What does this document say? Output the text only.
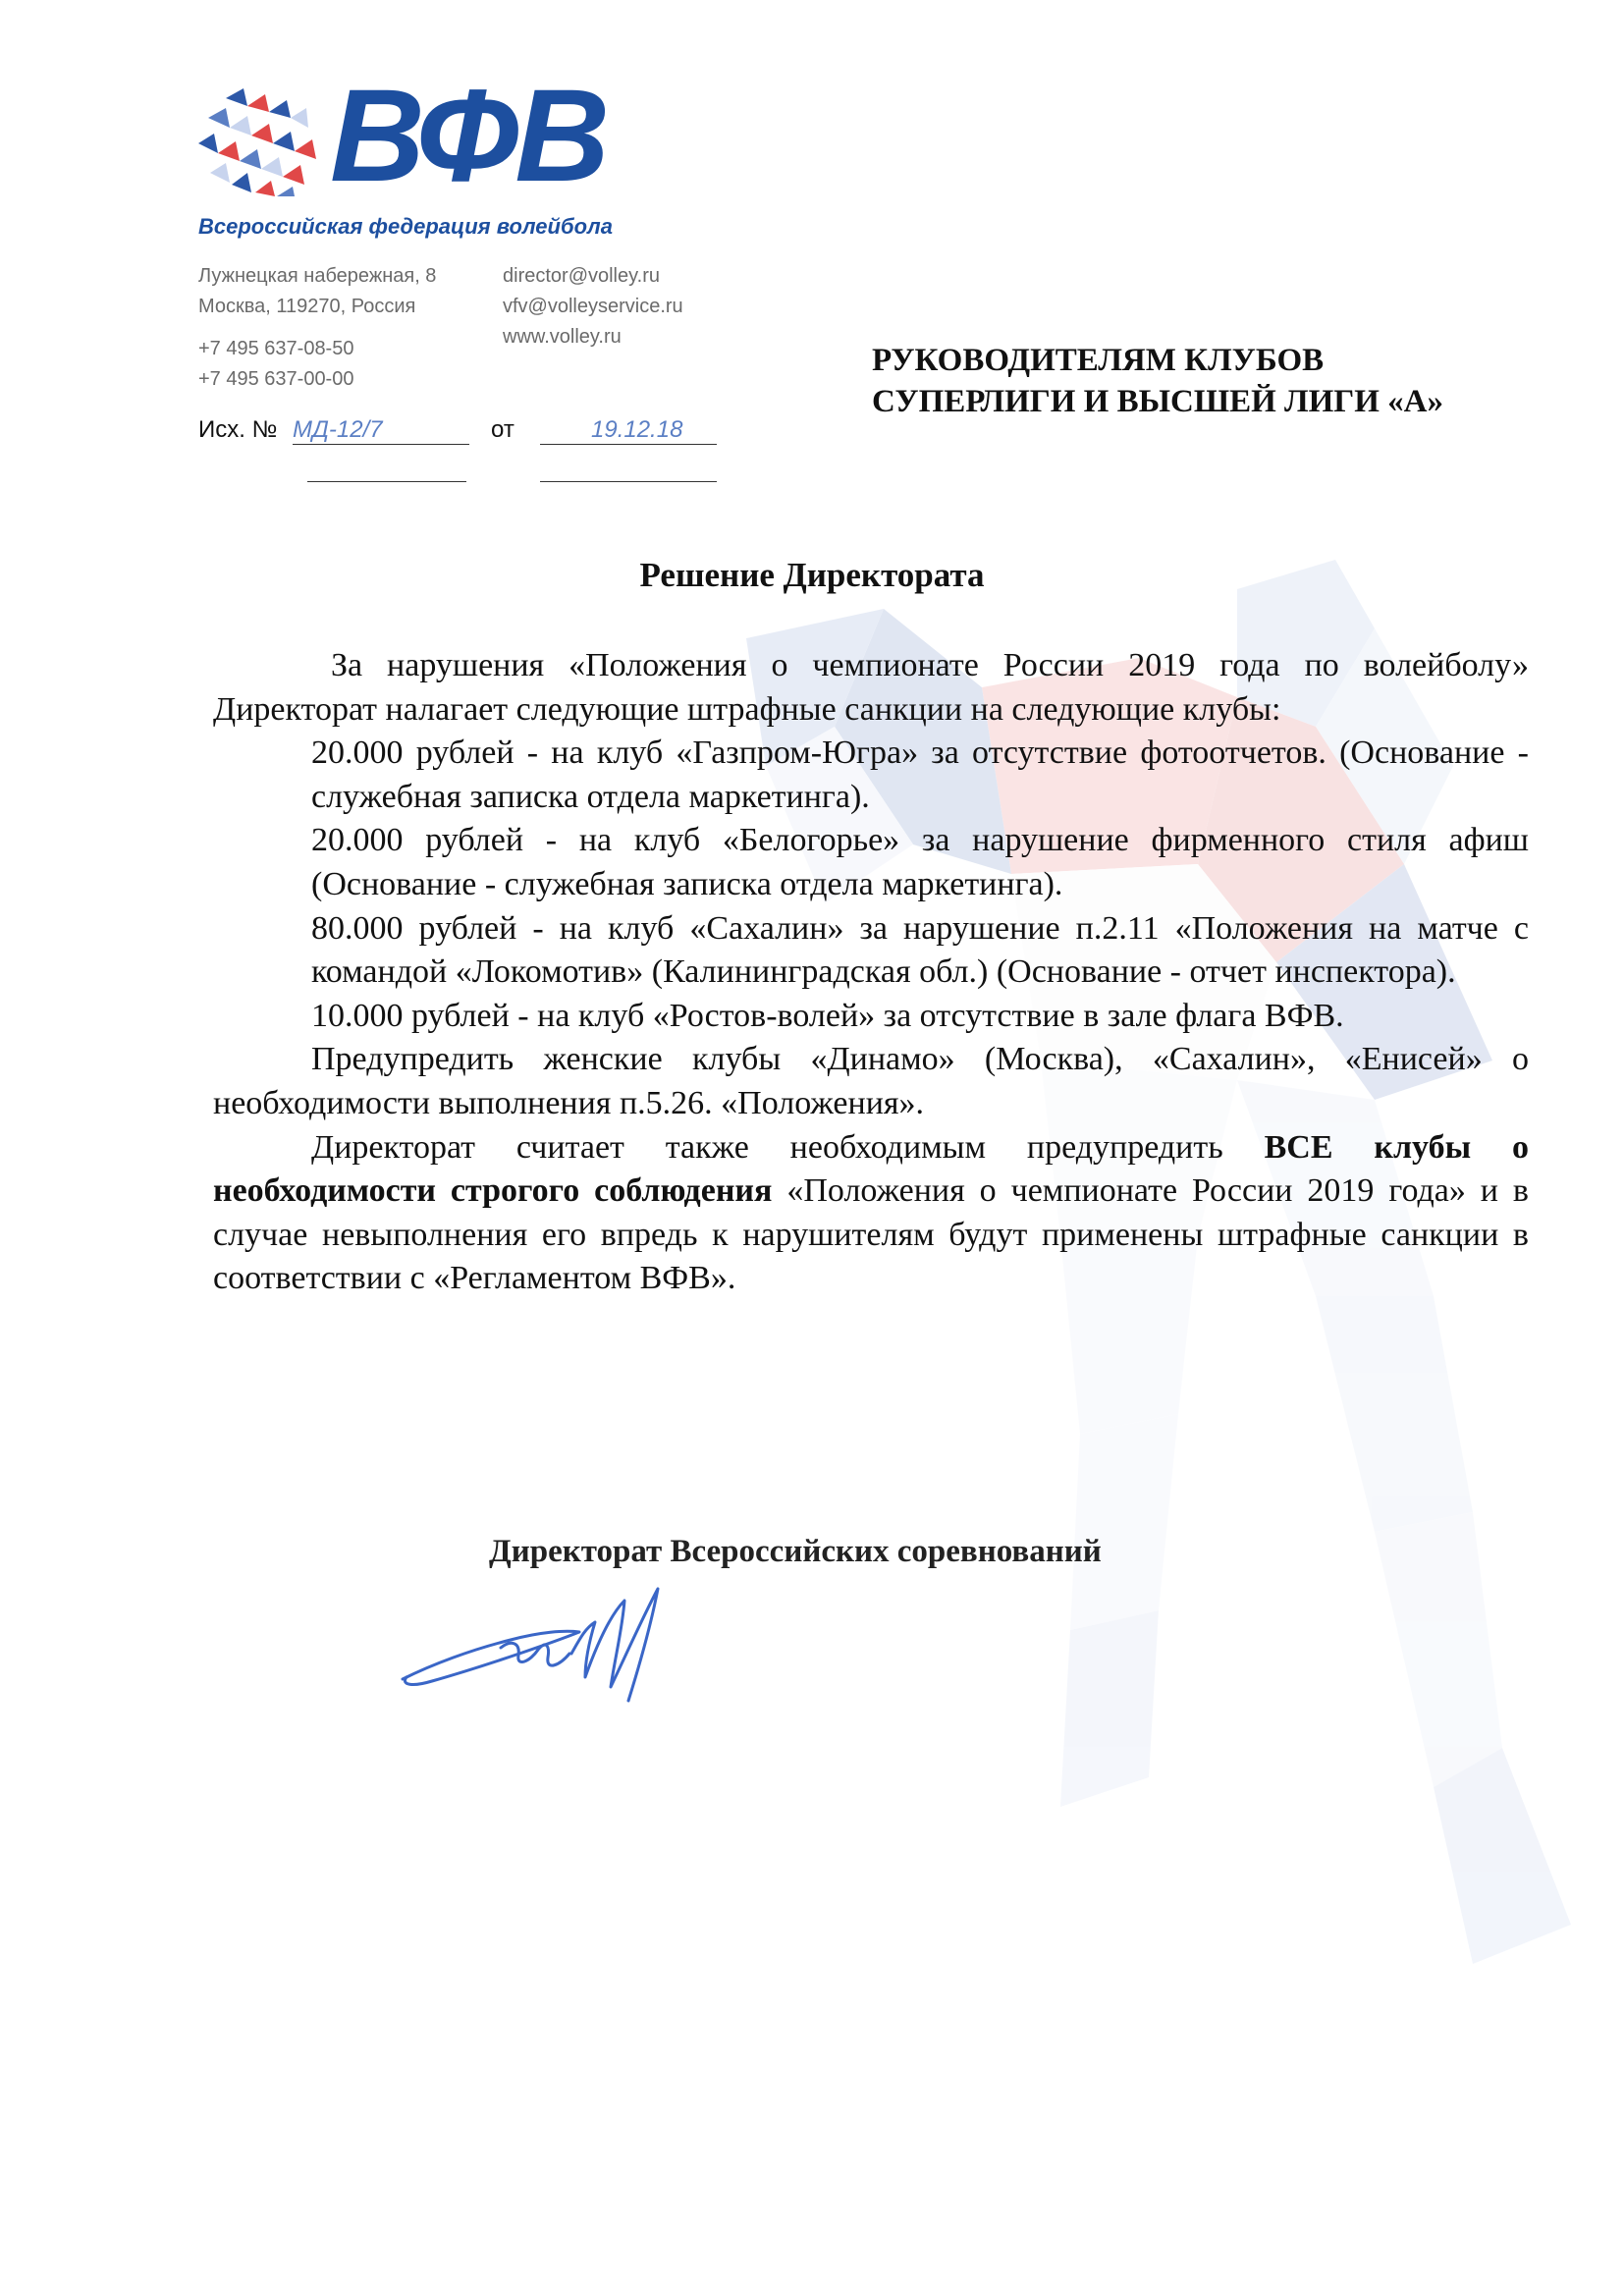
ВФВ
Всероссийская федерация волейбола
Лужнецкая набережная, 8
Москва, 119270, Россия
+7 495 637-08-50
+7 495 637-00-00
director@volley.ru
vfv@volleyservice.ru
www.volley.ru
Исх. № МД-12/7	от	19.12.18
РУКОВОДИТЕЛЯМ КЛУБОВ
СУПЕРЛИГИ И ВЫСШЕЙ ЛИГИ «А»
Решение Директората

За нарушения «Положения о чемпионате России 2019 года по волейболу» Директорат налагает следующие штрафные санкции на следующие клубы:

20.000 рублей - на клуб «Газпром-Югра» за отсутствие фотоотчетов. (Основание - служебная записка отдела маркетинга).

20.000 рублей - на клуб «Белогорье» за нарушение фирменного стиля афиш (Основание - служебная записка отдела маркетинга).

80.000 рублей - на клуб «Сахалин» за нарушение п.2.11 «Положения на матче с командой «Локомотив» (Калининградская обл.) (Основание - отчет инспектора).

10.000 рублей - на клуб «Ростов-волей» за отсутствие в зале флага ВФВ.

Предупредить женские клубы «Динамо» (Москва), «Сахалин», «Енисей» о необходимости выполнения п.5.26. «Положения».

Директорат считает также необходимым предупредить ВСЕ клубы о необходимости строгого соблюдения «Положения о чемпионате России 2019 года» и в случае невыполнения его впредь к нарушителям будут применены штрафные санкции в соответствии с «Регламентом ВФВ».

Директорат Всероссийских соревнований
